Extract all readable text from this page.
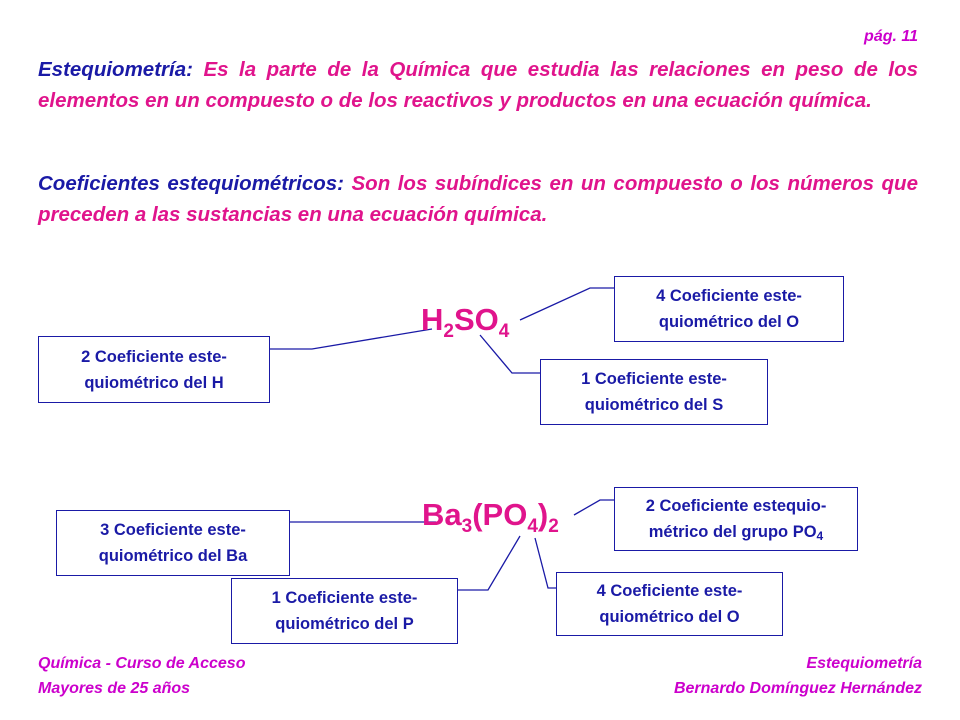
pág. 11

Estequiometría: Es la parte de la Química que estudia las relaciones en peso de los elementos en un compuesto o de los reactivos y productos en una ecuación química.

Coeficientes estequiométricos: Son los subíndices en un compuesto o los números que preceden a las sustancias en una ecuación química.

$H_2SO_4$
2 Coeficiente este-
quiométrico del H
4 Coeficiente este-
quiométrico del O
1 Coeficiente este-
quiométrico del S
$Ba_3(PO_4)_2$
3 Coeficiente este-
quiométrico del Ba
1 Coeficiente este-
quiométrico del P
2 Coeficiente estequio-
métrico del grupo $PO_4$
4 Coeficiente este-
quiométrico del O
Química - Curso de Acceso
Mayores de 25 años
Estequiometría
Bernardo Domínguez Hernández
